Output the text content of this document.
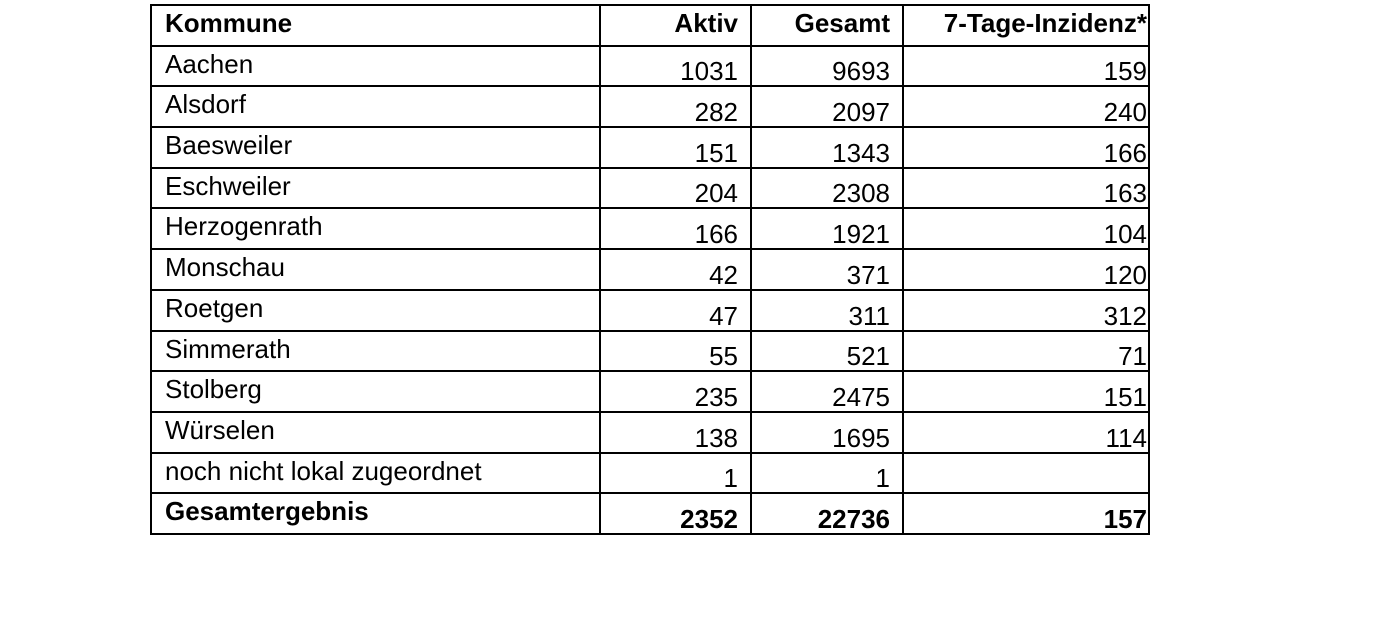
Kommune	Aktiv	Gesamt	7-Tage-Inzidenz*
Aachen	1031	9693	159
Alsdorf	282	2097	240
Baesweiler	151	1343	166
Eschweiler	204	2308	163
Herzogenrath	166	1921	104
Monschau	42	371	120
Roetgen	47	311	312
Simmerath	55	521	71
Stolberg	235	2475	151
Würselen	138	1695	114
noch nicht lokal zugeordnet	1	1	
Gesamtergebnis	2352	22736	157
